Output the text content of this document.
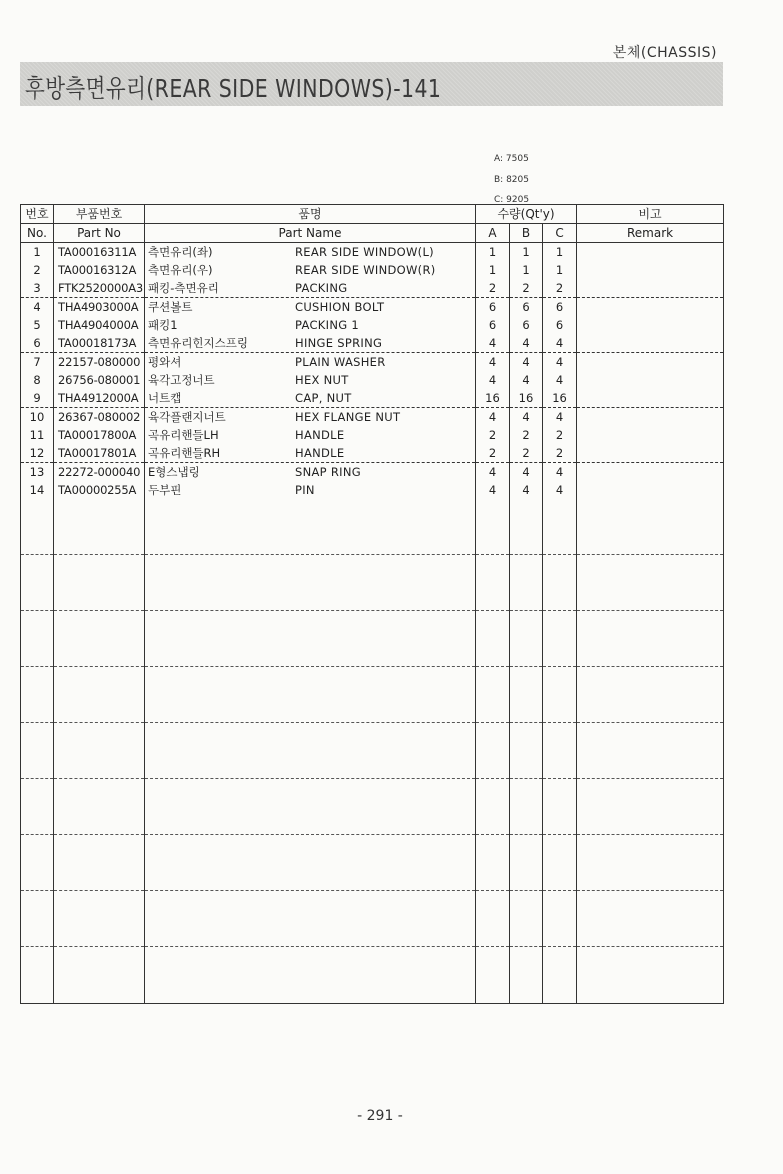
본체(CHASSIS)
후방측면유리(REAR SIDE WINDOWS)-141
A: 7505
B: 8205
C: 9205
번호	부품번호	품명	수량(Qt'y)			비고
No.	Part No	Part Name	A	B	C	Remark
1	TA00016311A	측면유리(좌) REAR SIDE WINDOW(L)	1	1	1	
2	TA00016312A	측면유리(우) REAR SIDE WINDOW(R)	1	1	1	
3	FTK2520000A3	패킹-측면유리 PACKING	2	2	2	
4	THA4903000A	쿠션볼트 CUSHION BOLT	6	6	6	
5	THA4904000A	패킹1 PACKING 1	6	6	6	
6	TA00018173A	측면유리힌지스프링 HINGE SPRING	4	4	4	
7	22157-080000	평와셔 PLAIN WASHER	4	4	4	
8	26756-080001	육각고정너트 HEX NUT	4	4	4	
9	THA4912000A	너트캡 CAP, NUT	16	16	16	
10	26367-080002	육각플랜지너트 HEX FLANGE NUT	4	4	4	
11	TA00017800A	곡유리핸들LH HANDLE	2	2	2	
12	TA00017801A	곡유리핸들RH HANDLE	2	2	2	
13	22272-000040	E형스냅링 SNAP RING	4	4	4	
14	TA00000255A	두부핀 PIN	4	4	4	

- 291 -
